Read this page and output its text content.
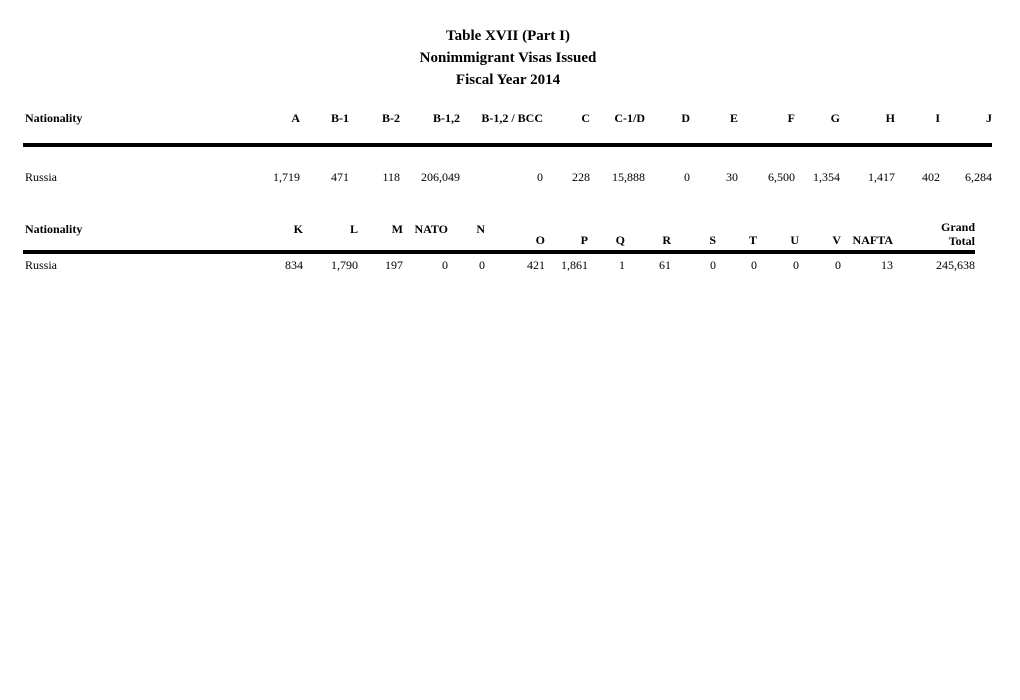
Table XVII (Part I)
Nonimmigrant Visas Issued
Fiscal Year 2014
Nationality	A	B-1	B-2	B-1,2	B-1,2 / BCC	C	C-1/D	D	E	F	G	H	I	J
Russia	1,719	471	118	206,049	0	228	15,888	0	30	6,500	1,354	1,417	402	6,284
Nationality	K	L	M	NATO	N	O	P	Q	R	S	T	U	V	NAFTA	Grand
Total

Russia	834	1,790	197	0	0	421	1,861	1	61	0	0	0	0	13	245,638
